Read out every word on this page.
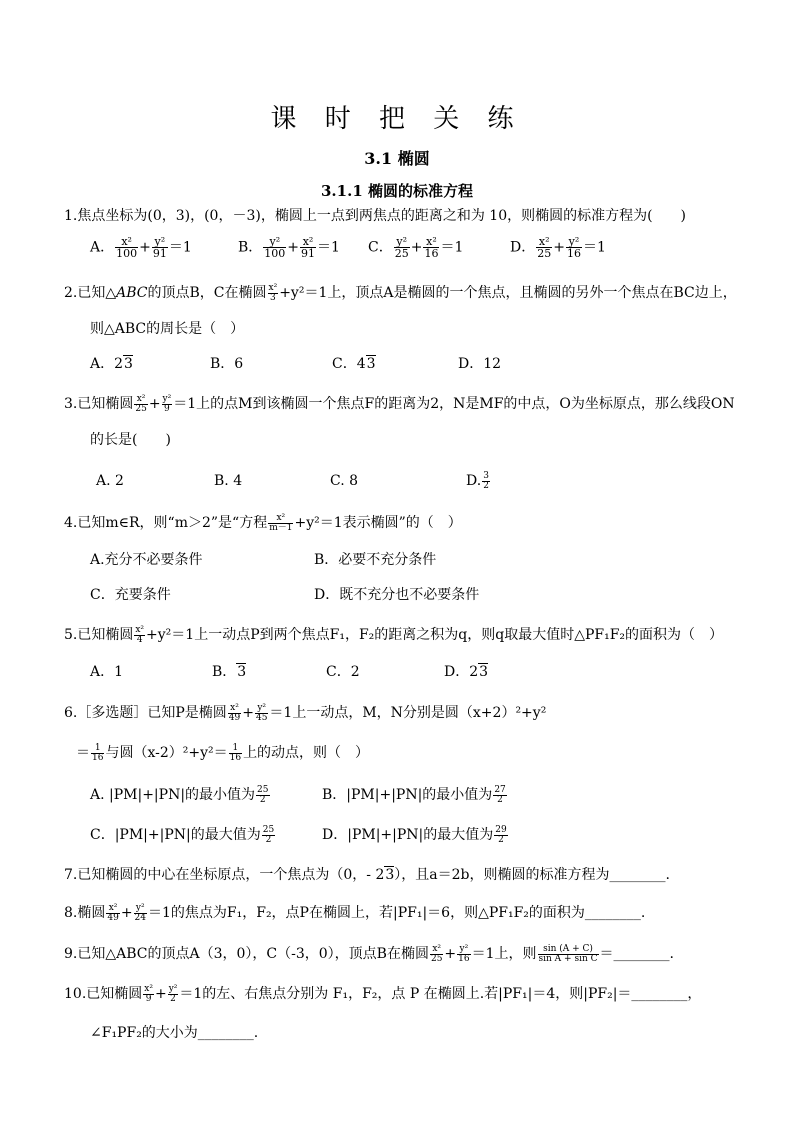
课 时 把 关 练
3.1 椭圆
3.1.1 椭圆的标准方程
1.焦点坐标为(0，3)，(0，－3)，椭圆上一点到两焦点的距离之和为 10，则椭圆的标准方程为(　　)
A． $\frac{\text{x²}}{100} + \frac{\text{y²}}{91} =1$	B． $\frac{\text{y²}}{100} + \frac{\text{x²}}{91} =1$ C． $\frac{\text{y²}}{25} + \frac{\text{x²}}{16} =1$	D． $\frac{\text{x²}}{25} + \frac{\text{y²}}{16} =1$
2.已知△ABC的顶点B，C在椭圆 $\frac{\text{x²}}{3} +y^2=1$上，顶点A是椭圆的一个焦点，且椭圆的另外一个焦点在BC边上，
则△ABC的周长是（　）
A．23	B．6	C．43	D．12
3.已知椭圆 $\frac{\text{x²}}{25} + \frac{\text{y²}}{9} =1$上的点M到该椭圆一个焦点F的距离为2，N是MF的中点，O为坐标原点，那么线段ON
的长是(　　)
A. 2	B. 4	C. 8	D. $\frac{3}{2}$
4.已知m∈R，则“m＞2”是“方程 $\frac{\text{x²}}{m-1} +y^2=1$表示椭圆”的（　）
A.充分不必要条件	B．必要不充分条件
C．充要条件	D．既不充分也不必要条件
5.已知椭圆 $\frac{\text{x²}}{4} +y^2=1$上一动点P到两个焦点F₁，F₂的距离之积为q，则q取最大值时△PF₁F₂的面积为（　）
A．1	B．3	C．2	D．23
6.［多选题］已知P是椭圆 $\frac{\text{x²}}{49} + \frac{\text{y²}}{45} =1$上一动点，M，N分别是圆（x+2）²+y²
＝ $\frac{1}{16}$ 与圆$(x-2)^2+y^2= \frac{1}{16}$ 上的动点，则（　）
A. |PM|+|PN|的最小值为 $\frac{25}{2}$	B．|PM|+|PN|的最小值为 $\frac{27}{2}$
C．|PM|+|PN|的最大值为 $\frac{25}{2}$	D．|PM|+|PN|的最大值为 $\frac{29}{2}$
7.已知椭圆的中心在坐标原点，一个焦点为（0，- 23），且a＝2b，则椭圆的标准方程为________.
8.椭圆 $\frac{\text{x²}}{49} + \frac{\text{y²}}{24} =1$的焦点为F₁，F₂，点P在椭圆上，若|PF₁|＝6，则△PF₁F₂的面积为________.
9.已知△ABC的顶点A（3，0），C（-3，0），顶点B在椭圆 $\frac{\text{x²}}{25} + \frac{\text{y²}}{16} =1$上，则 $\frac{\sin (A + C)}{\text{sin A + sin C}}$ ＝________.
10.已知椭圆 $\frac{\text{x²}}{9} + \frac{\text{y²}}{2} =1$的左、右焦点分别为 F₁，F₂，点 P 在椭圆上.若|PF₁|＝4，则|PF₂|＝________，
∠F₁PF₂的大小为________.
